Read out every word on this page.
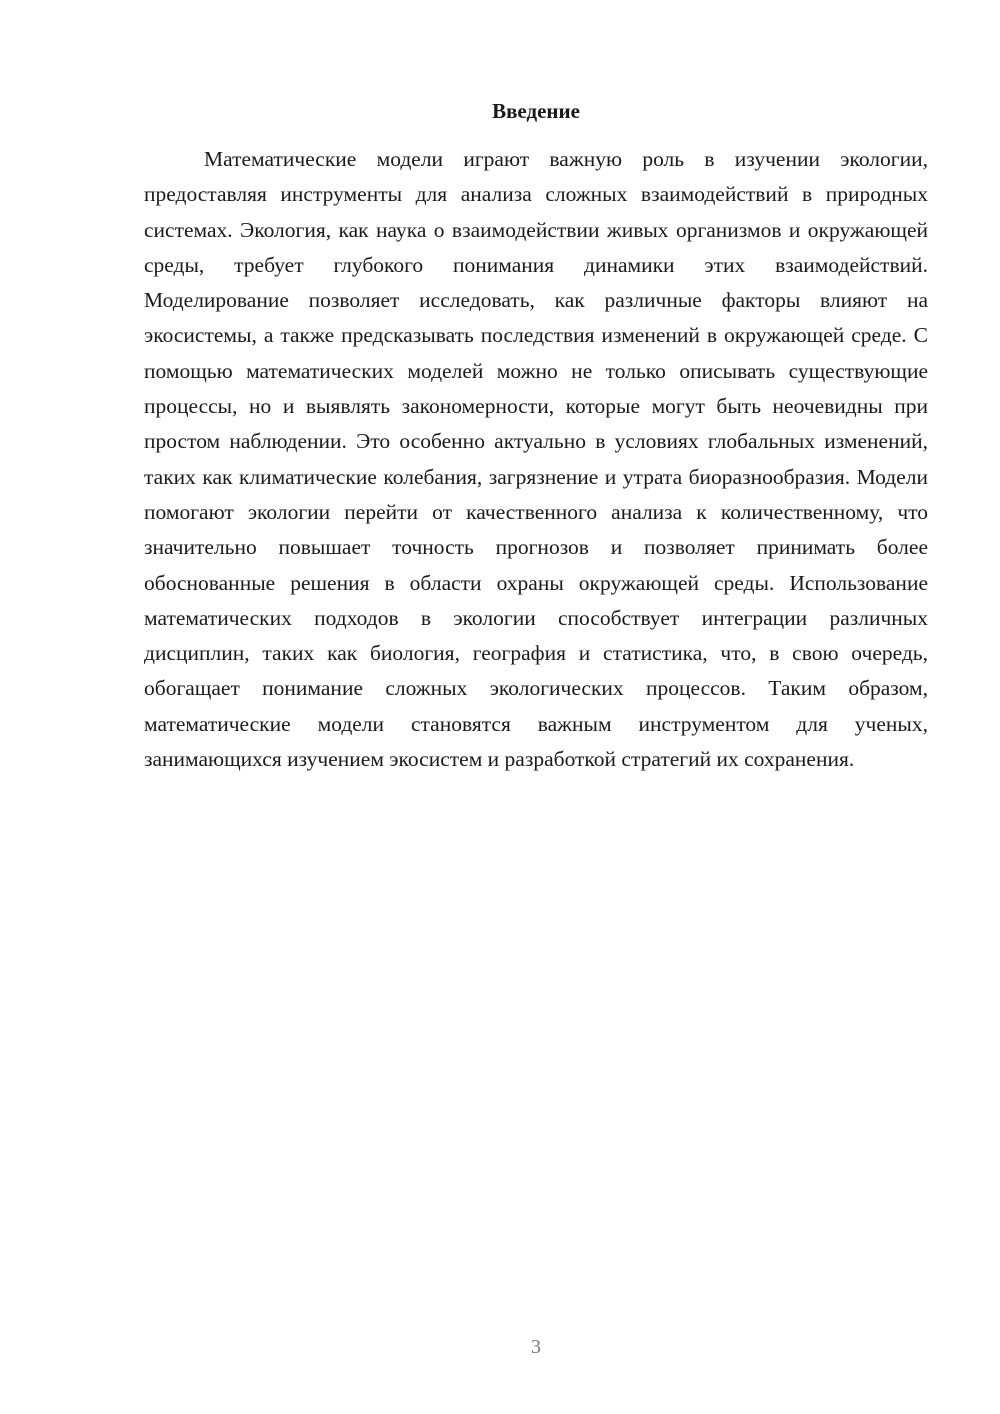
Введение

Математические модели играют важную роль в изучении экологии, предоставляя инструменты для анализа сложных взаимодействий в природных системах. Экология, как наука о взаимодействии живых организмов и окружающей среды, требует глубокого понимания динамики этих взаимодействий. Моделирование позволяет исследовать, как различные факторы влияют на экосистемы, а также предсказывать последствия изменений в окружающей среде. С помощью математических моделей можно не только описывать существующие процессы, но и выявлять закономерности, которые могут быть неочевидны при простом наблюдении. Это особенно актуально в условиях глобальных изменений, таких как климатические колебания, загрязнение и утрата биоразнообразия. Модели помогают экологии перейти от качественного анализа к количественному, что значительно повышает точность прогнозов и позволяет принимать более обоснованные решения в области охраны окружающей среды. Использование математических подходов в экологии способствует интеграции различных дисциплин, таких как биология, география и статистика, что, в свою очередь, обогащает понимание сложных экологических процессов. Таким образом, математические модели становятся важным инструментом для ученых, занимающихся изучением экосистем и разработкой стратегий их сохранения.

3
